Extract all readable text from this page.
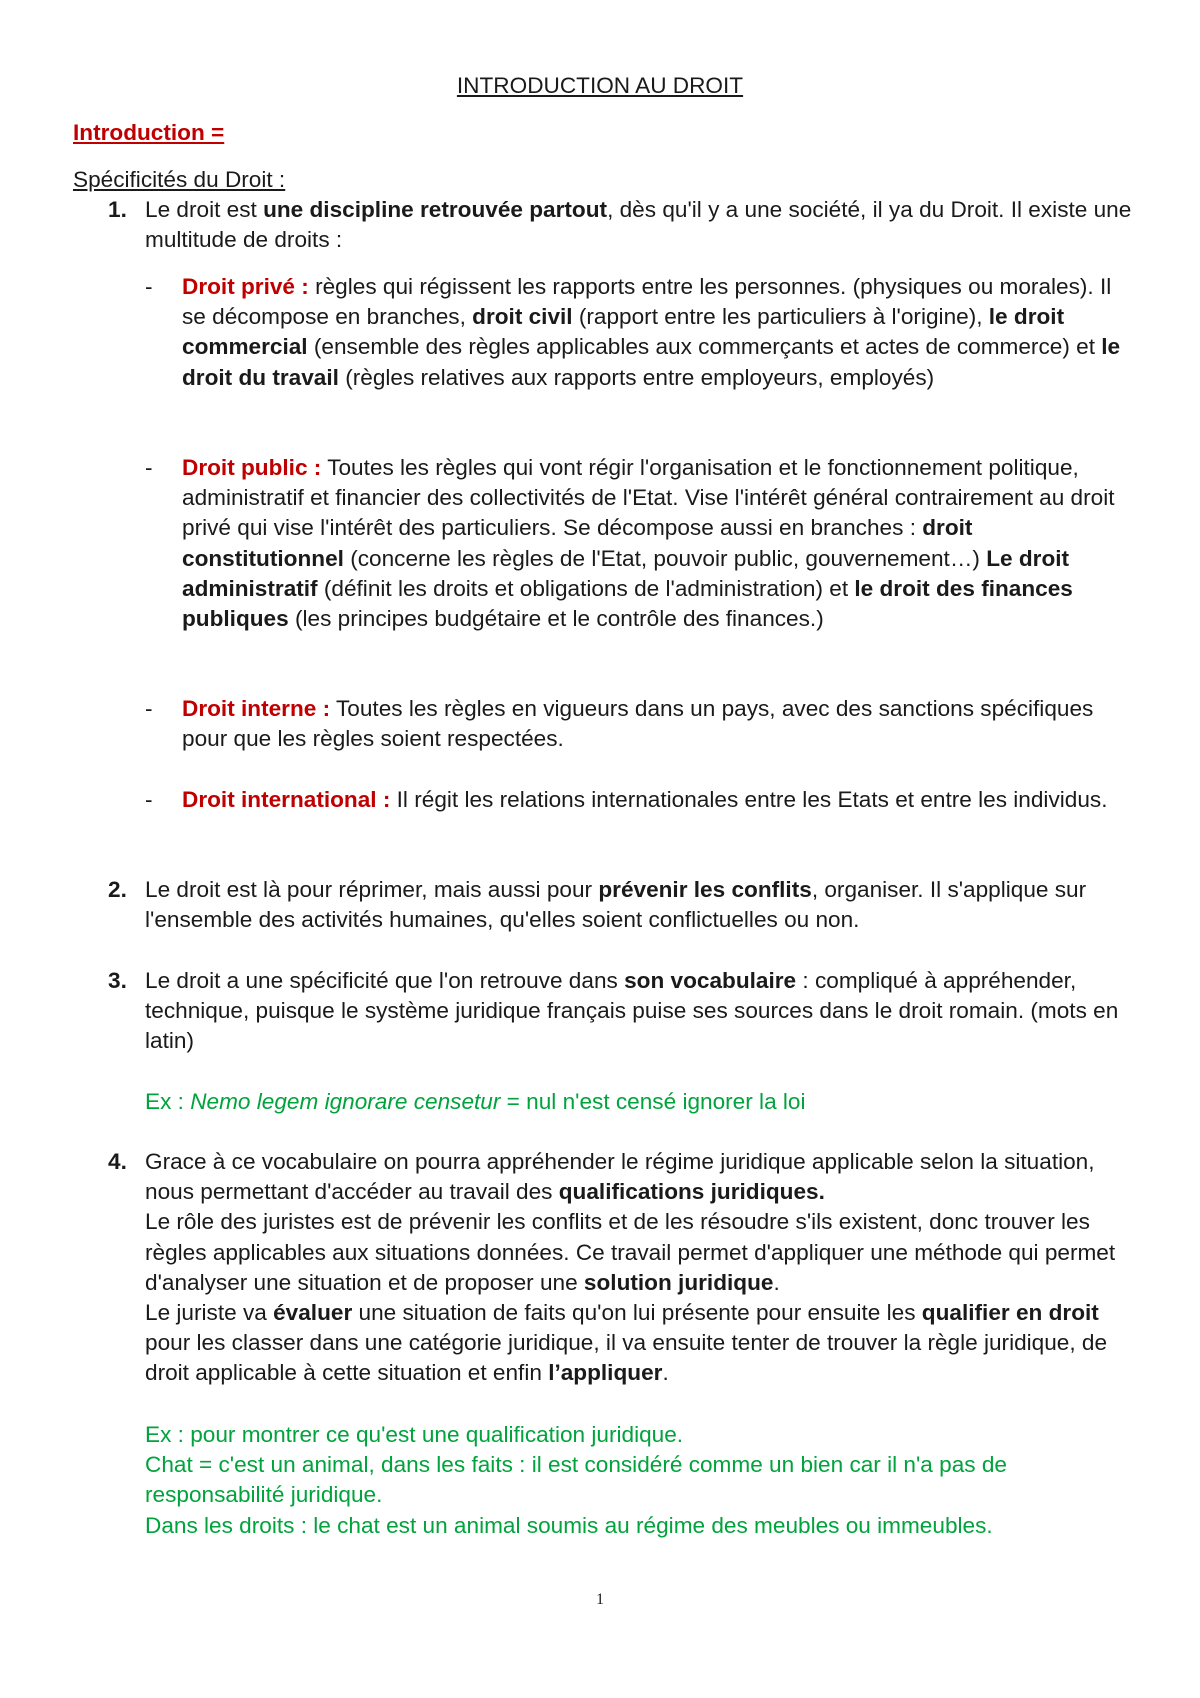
INTRODUCTION AU DROIT

Introduction =

Spécificités du Droit :

1. Le droit est une discipline retrouvée partout, dès qu'il y a une société, il ya du Droit. Il existe une multitude de droits :

- Droit privé : règles qui régissent les rapports entre les personnes. (physiques ou morales). Il se décompose en branches, droit civil (rapport entre les particuliers à l'origine), le droit commercial (ensemble des règles applicables aux commerçants et actes de commerce) et le droit du travail (règles relatives aux rapports entre employeurs, employés)

- Droit public : Toutes les règles qui vont régir l'organisation et le fonctionnement politique, administratif et financier des collectivités de l'Etat. Vise l'intérêt général contrairement au droit privé qui vise l'intérêt des particuliers. Se décompose aussi en branches : droit constitutionnel (concerne les règles de l'Etat, pouvoir public, gouvernement…) Le droit administratif (définit les droits et obligations de l'administration) et le droit des finances publiques (les principes budgétaire et le contrôle des finances.)

- Droit interne : Toutes les règles en vigueurs dans un pays, avec des sanctions spécifiques pour que les règles soient respectées.

- Droit international : Il régit les relations internationales entre les Etats et entre les individus.

2. Le droit est là pour réprimer, mais aussi pour prévenir les conflits, organiser. Il s'applique sur l'ensemble des activités humaines, qu'elles soient conflictuelles ou non.

3. Le droit a une spécificité que l'on retrouve dans son vocabulaire : compliqué à appréhender, technique, puisque le système juridique français puise ses sources dans le droit romain. (mots en latin)

Ex : Nemo legem ignorare censetur = nul n'est censé ignorer la loi

4. Grace à ce vocabulaire on pourra appréhender le régime juridique applicable selon la situation, nous permettant d'accéder au travail des qualifications juridiques.
Le rôle des juristes est de prévenir les conflits et de les résoudre s'ils existent, donc trouver les règles applicables aux situations données. Ce travail permet d'appliquer une méthode qui permet d'analyser une situation et de proposer une solution juridique.
Le juriste va évaluer une situation de faits qu'on lui présente pour ensuite les qualifier en droit pour les classer dans une catégorie juridique, il va ensuite tenter de trouver la règle juridique, de droit applicable à cette situation et enfin l’appliquer.

Ex : pour montrer ce qu'est une qualification juridique.
Chat = c'est un animal, dans les faits : il est considéré comme un bien car il n'a pas de responsabilité juridique.
Dans les droits : le chat est un animal soumis au régime des meubles ou immeubles.

1
